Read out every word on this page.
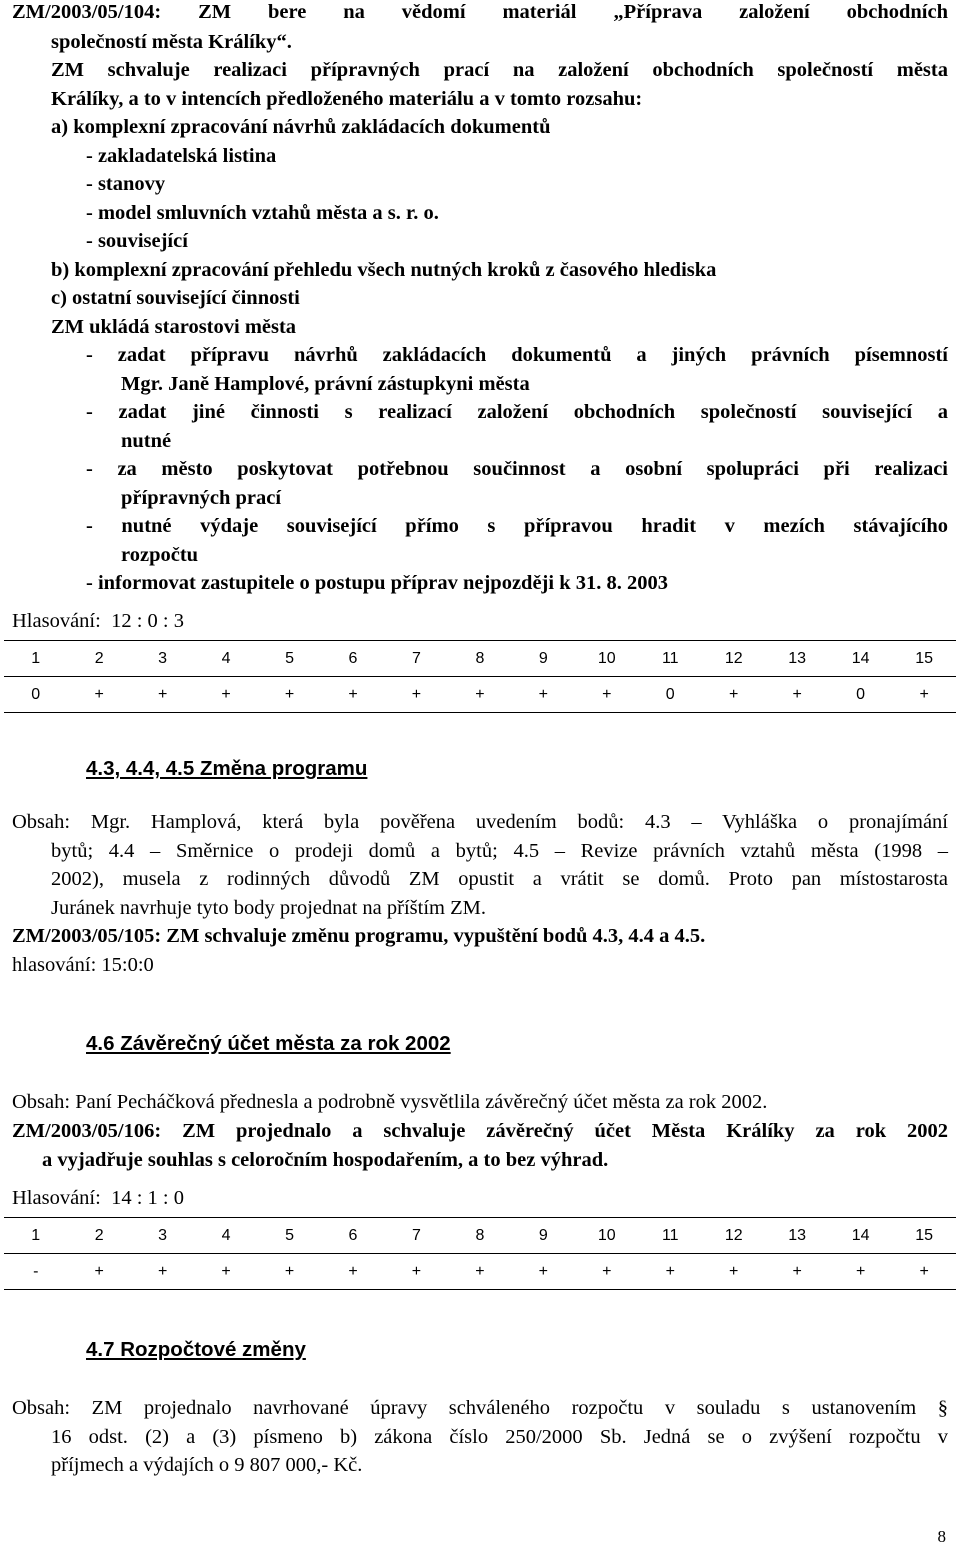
ZM/2003/05/104: ZM bere na vědomí materiál „Příprava založení obchodních
společností města Králíky“.
ZM schvaluje realizaci přípravných prací na založení obchodních společností města
Králíky, a to v intencích předloženého materiálu a v tomto rozsahu:
a) komplexní zpracování návrhů zakládacích dokumentů
- zakladatelská listina
- stanovy
- model smluvních vztahů města a s. r. o.
- související
b) komplexní zpracování přehledu všech nutných kroků z časového hlediska
c) ostatní související činnosti
ZM ukládá starostovi města
- zadat přípravu návrhů zakládacích dokumentů a jiných právních písemností
Mgr. Janě Hamplové, právní zástupkyni města
- zadat jiné činnosti s realizací založení obchodních společností související a
nutné
- za město poskytovat potřebnou součinnost a osobní spolupráci při realizaci
přípravných prací
- nutné výdaje související přímo s přípravou hradit v mezích stávajícího
rozpočtu
- informovat zastupitele o postupu příprav nejpozději k 31. 8. 2003
Hlasování:  12 : 0 : 3
1	2	3	4	5	6	7	8	9	10	11	12	13	14	15
0	+	+	+	+	+	+	+	+	+	0	+	+	0	+
4.3, 4.4, 4.5 Změna programu
Obsah: Mgr. Hamplová, která byla pověřena uvedením bodů: 4.3 – Vyhláška o pronajímání
bytů; 4.4 – Směrnice o prodeji domů a bytů; 4.5 – Revize právních vztahů města (1998 –
2002), musela z rodinných důvodů ZM opustit a vrátit se domů. Proto pan místostarosta
Juránek navrhuje tyto body projednat na příštím ZM.
ZM/2003/05/105: ZM schvaluje změnu programu, vypuštění bodů 4.3, 4.4 a 4.5.
hlasování: 15:0:0
4.6 Závěrečný účet města za rok 2002
Obsah: Paní Pecháčková přednesla a podrobně vysvětlila závěrečný účet města za rok 2002.
ZM/2003/05/106: ZM projednalo a schvaluje závěrečný účet Města Králíky za rok 2002
a vyjadřuje souhlas s celoročním hospodařením, a to bez výhrad.
Hlasování:  14 : 1 : 0
1	2	3	4	5	6	7	8	9	10	11	12	13	14	15
-	+	+	+	+	+	+	+	+	+	+	+	+	+	+
4.7 Rozpočtové změny
Obsah: ZM projednalo navrhované úpravy schváleného rozpočtu v souladu s ustanovením §
16 odst. (2) a (3) písmeno b) zákona číslo 250/2000 Sb. Jedná se o zvýšení rozpočtu v
příjmech a výdajích o 9 807 000,- Kč.
8
